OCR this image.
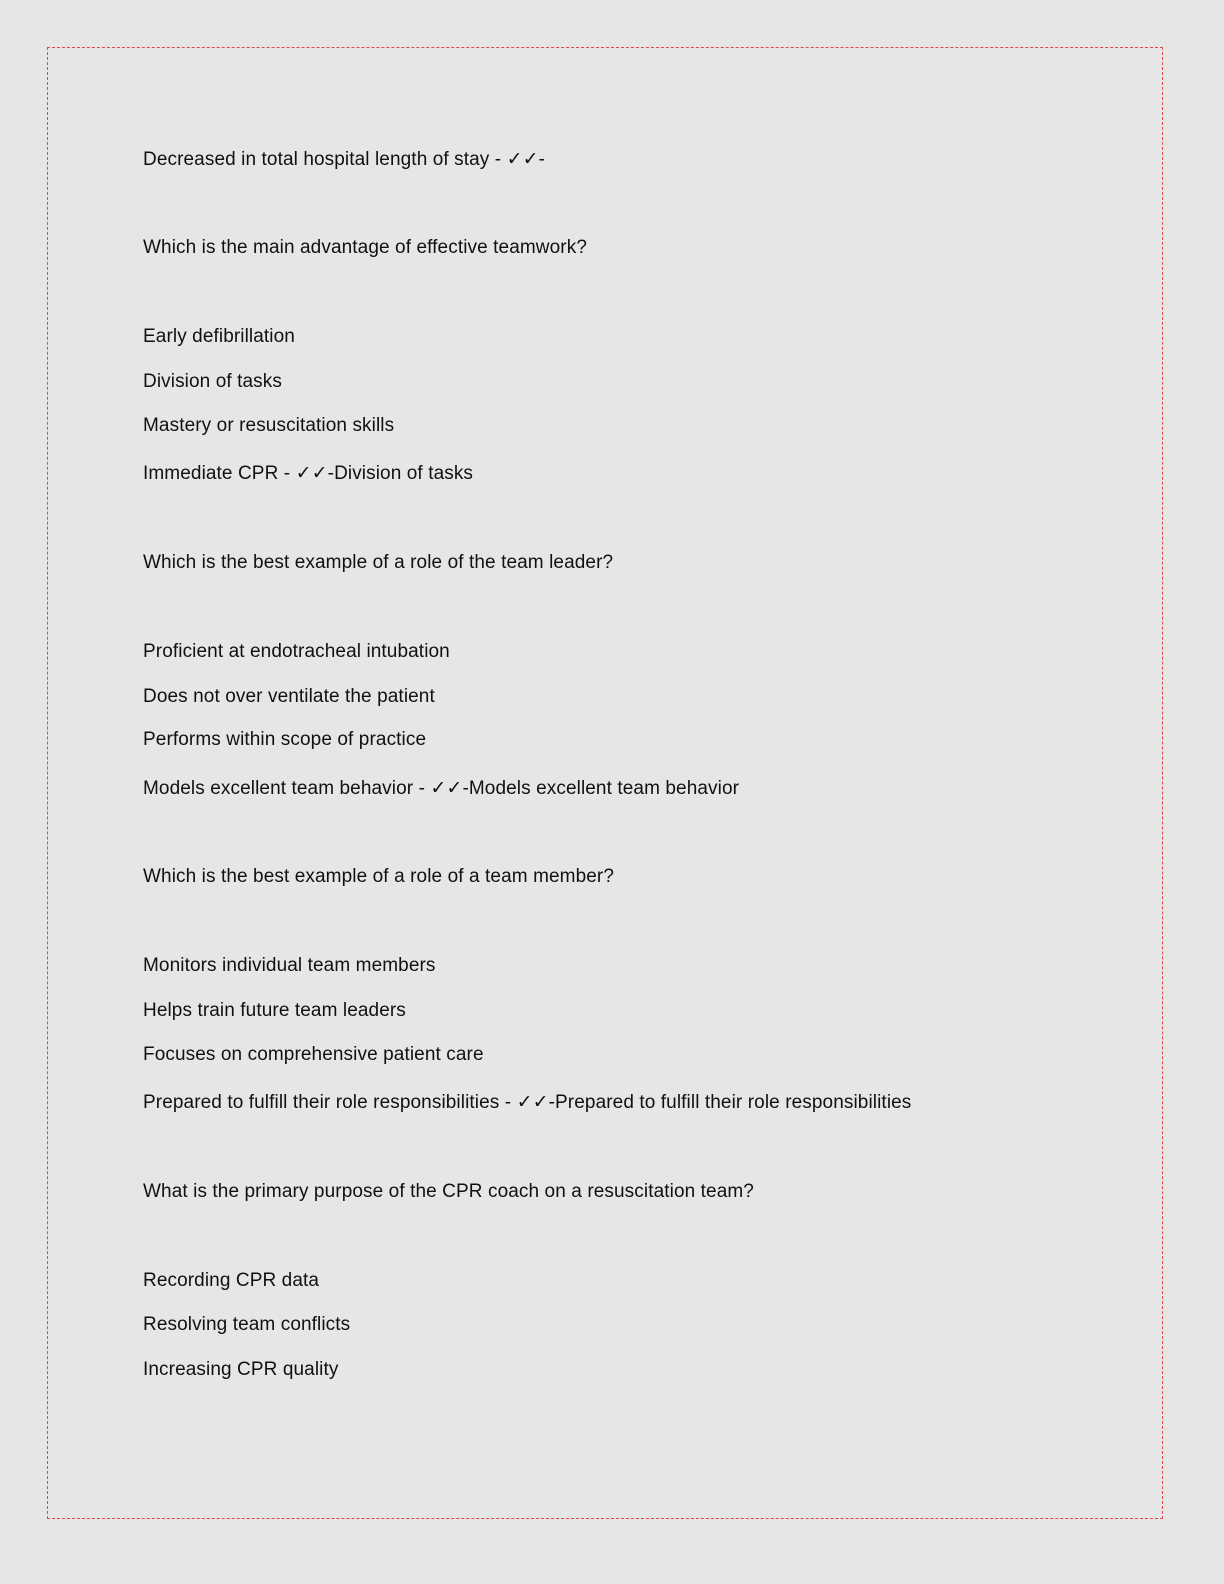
Decreased in total hospital length of stay - ✓✓-
Which is the main advantage of effective teamwork?
Early defibrillation
Division of tasks
Mastery or resuscitation skills
Immediate CPR - ✓✓-Division of tasks
Which is the best example of a role of the team leader?
Proficient at endotracheal intubation
Does not over ventilate the patient
Performs within scope of practice
Models excellent team behavior - ✓✓-Models excellent team behavior
Which is the best example of a role of a team member?
Monitors individual team members
Helps train future team leaders
Focuses on comprehensive patient care
Prepared to fulfill their role responsibilities - ✓✓-Prepared to fulfill their role responsibilities
What is the primary purpose of the CPR coach on a resuscitation team?
Recording CPR data
Resolving team conflicts
Increasing CPR quality
